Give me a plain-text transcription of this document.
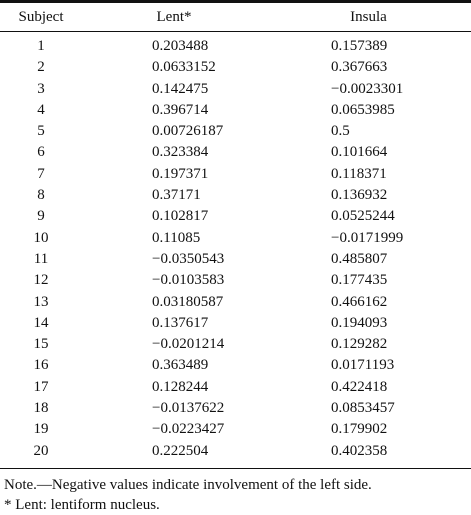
Subject	Lent*	Insula
1	0.203488	0.157389
2	0.0633152	0.367663
3	0.142475	−0.0023301
4	0.396714	0.0653985
5	0.00726187	0.5
6	0.323384	0.101664
7	0.197371	0.118371
8	0.37171	0.136932
9	0.102817	0.0525244
10	0.11085	−0.0171999
11	−0.0350543	0.485807
12	−0.0103583	0.177435
13	0.03180587	0.466162
14	0.137617	0.194093
15	−0.0201214	0.129282
16	0.363489	0.0171193
17	0.128244	0.422418
18	−0.0137622	0.0853457
19	−0.0223427	0.179902
20	0.222504	0.402358
Note.—Negative values indicate involvement of the left side.
* Lent: lentiform nucleus.
